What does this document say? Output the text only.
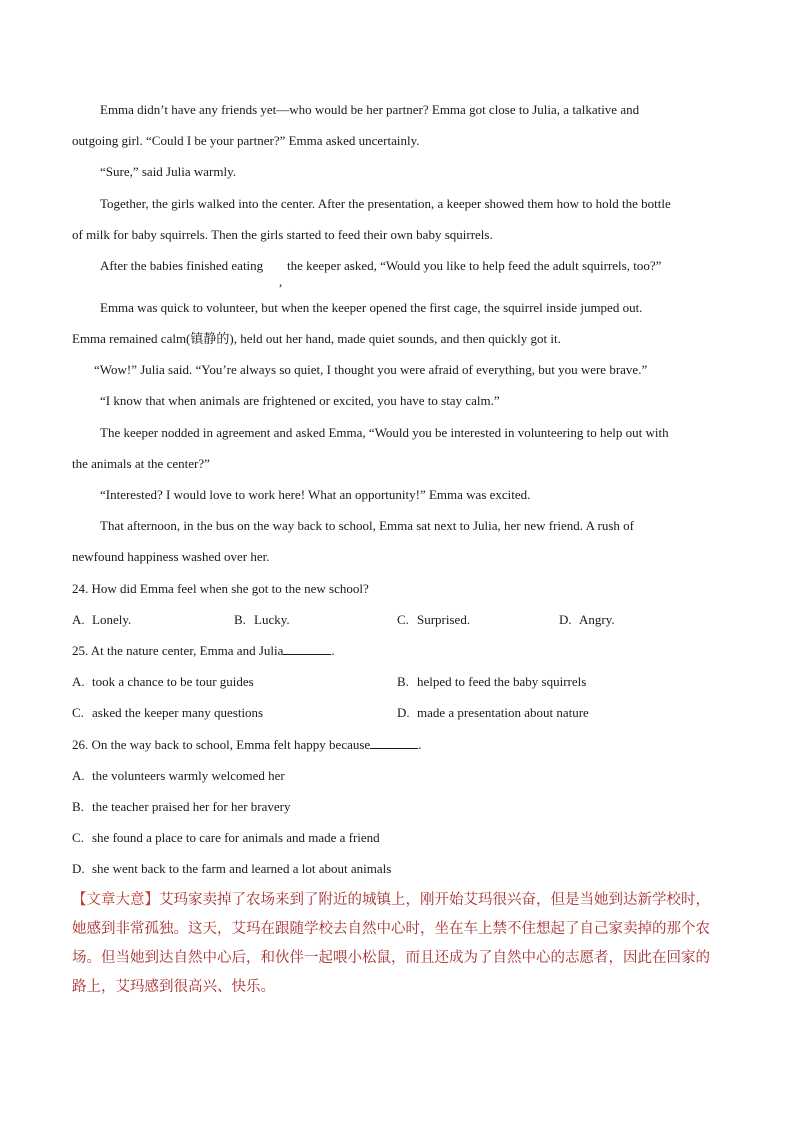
Emma didn’t have any friends yet—who would be her partner? Emma got close to Julia, a talkative and
outgoing girl. “Could I be your partner?” Emma asked uncertainly.
“Sure,” said Julia warmly.
Together, the girls walked into the center. After the presentation, a keeper showed them how to hold the bottle
of milk for baby squirrels. Then the girls started to feed their own baby squirrels.
After the babies finished eating
,
the keeper asked, “Would you like to help feed the adult squirrels, too?”
Emma was quick to volunteer, but when the keeper opened the first cage, the squirrel inside jumped out.
Emma remained calm(镇静的), held out her hand, made quiet sounds, and then quickly got it.
“Wow!” Julia said. “You’re always so quiet, I thought you were afraid of everything, but you were brave.”
“I know that when animals are frightened or excited, you have to stay calm.”
The keeper nodded in agreement and asked Emma, “Would you be interested in volunteering to help out with
the animals at the center?”
“Interested? I would love to work here! What an opportunity!” Emma was excited.
That afternoon, in the bus on the way back to school, Emma sat next to Julia, her new friend. A rush of
newfound happiness washed over her.
24. How did Emma feel when she got to the new school?
A. Lonely.	B. Lucky.	C. Surprised.	D. Angry.
25. At the nature center, Emma and Julia	.
A. took a chance to be tour guides	B. helped to feed the baby squirrels
C. asked the keeper many questions	D. made a presentation about nature
26. On the way back to school, Emma felt happy because	.
A. the volunteers warmly welcomed her
B. the teacher praised her for her bravery
C. she found a place to care for animals and made a friend
D. she went back to the farm and learned a lot about animals
【文章大意】艾玛家卖掉了农场来到了附近的城镇上，刚开始艾玛很兴奋，但是当她到达新学校时，她感到非常孤独。这天，艾玛在跟随学校去自然中心时，坐在车上禁不住想起了自己家卖掉的那个农场。但当她到达自然中心后，和伙伴一起喂小松鼠，而且还成为了自然中心的志愿者，因此在回家的路上，艾玛感到很高兴、快乐。
